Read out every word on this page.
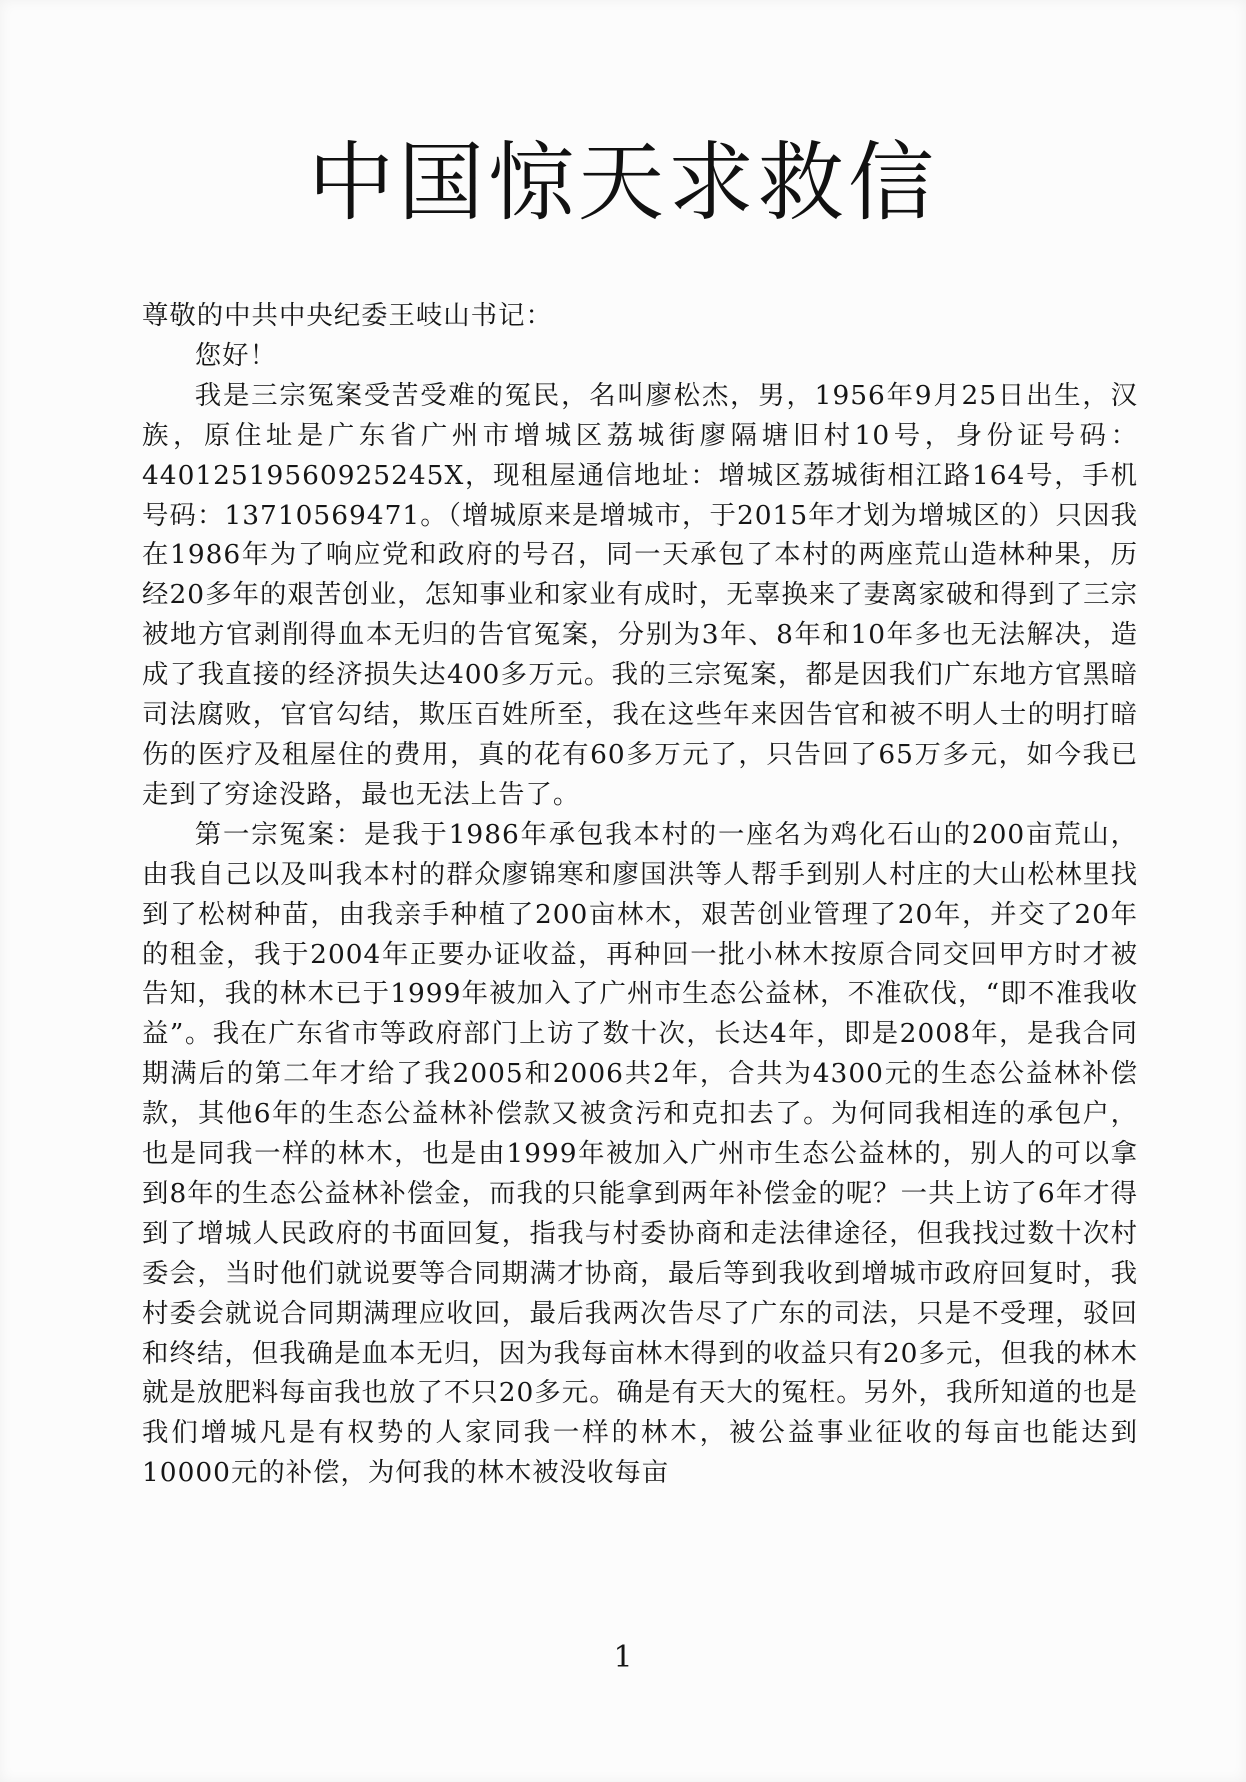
中国惊天求救信

尊敬的中共中央纪委王岐山书记：

您好！

我是三宗冤案受苦受难的冤民，名叫廖松杰，男，1956年9月25日出生，汉族，原住址是广东省广州市增城区荔城街廖隔塘旧村10号，身份证号码：44012519560925245X，现租屋通信地址：增城区荔城街相江路164号，手机号码：13710569471。（增城原来是增城市，于2015年才划为增城区的）只因我在1986年为了响应党和政府的号召，同一天承包了本村的两座荒山造林种果，历经20多年的艰苦创业，怎知事业和家业有成时，无辜换来了妻离家破和得到了三宗被地方官剥削得血本无归的告官冤案，分别为3年、8年和10年多也无法解决，造成了我直接的经济损失达400多万元。我的三宗冤案，都是因我们广东地方官黑暗司法腐败，官官勾结，欺压百姓所至，我在这些年来因告官和被不明人士的明打暗伤的医疗及租屋住的费用，真的花有60多万元了，只告回了65万多元，如今我已走到了穷途没路，最也无法上告了。

第一宗冤案：是我于1986年承包我本村的一座名为鸡化石山的200亩荒山，由我自己以及叫我本村的群众廖锦寒和廖国洪等人帮手到别人村庄的大山松林里找到了松树种苗，由我亲手种植了200亩林木，艰苦创业管理了20年，并交了20年的租金，我于2004年正要办证收益，再种回一批小林木按原合同交回甲方时才被告知，我的林木已于1999年被加入了广州市生态公益林，不准砍伐，“即不准我收益”。我在广东省市等政府部门上访了数十次，长达4年，即是2008年，是我合同期满后的第二年才给了我2005和2006共2年，合共为4300元的生态公益林补偿款，其他6年的生态公益林补偿款又被贪污和克扣去了。为何同我相连的承包户，也是同我一样的林木，也是由1999年被加入广州市生态公益林的，别人的可以拿到8年的生态公益林补偿金，而我的只能拿到两年补偿金的呢？一共上访了6年才得到了增城人民政府的书面回复，指我与村委协商和走法律途径，但我找过数十次村委会，当时他们就说要等合同期满才协商，最后等到我收到增城市政府回复时，我村委会就说合同期满理应收回，最后我两次告尽了广东的司法，只是不受理，驳回和终结，但我确是血本无归，因为我每亩林木得到的收益只有20多元，但我的林木就是放肥料每亩我也放了不只20多元。确是有天大的冤枉。另外，我所知道的也是我们增城凡是有权势的人家同我一样的林木，被公益事业征收的每亩也能达到10000元的补偿，为何我的林木被没收每亩

1
